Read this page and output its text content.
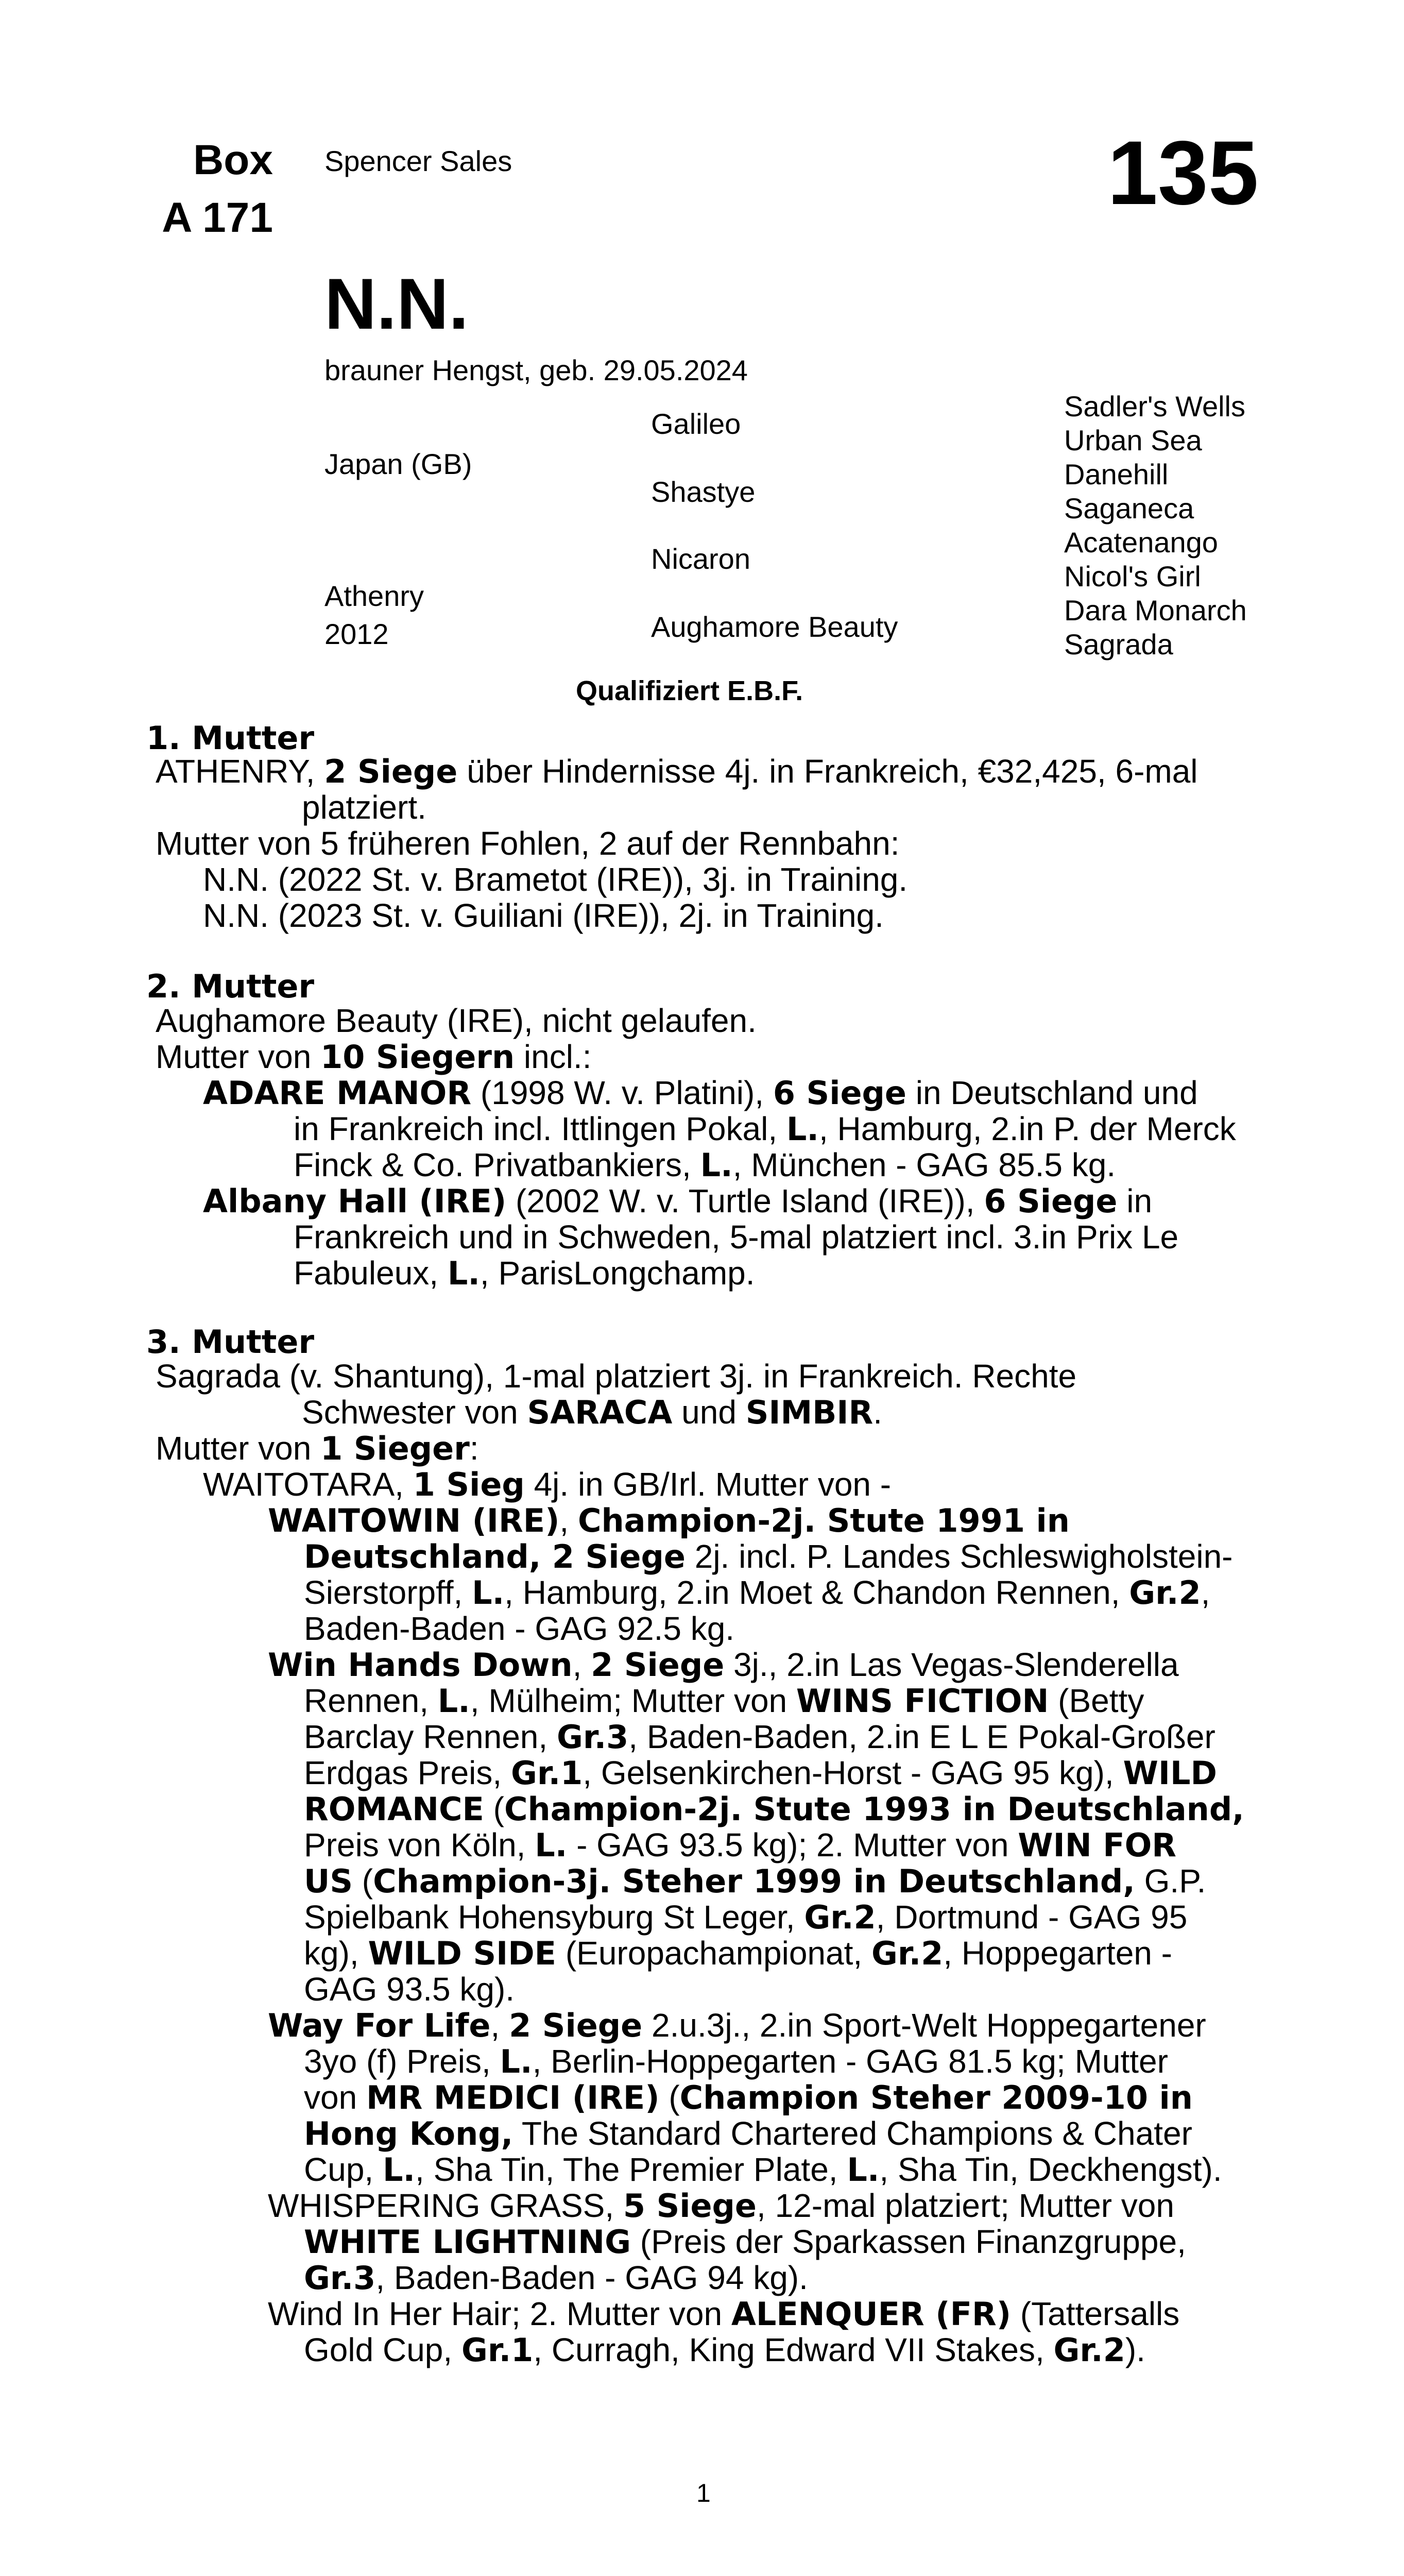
Box
A 171
Spencer Sales	135
N.N.
brauner Hengst, geb. 29.05.2024
Japan (GB)
Athenry
2012
Galileo
Shastye
Nicaron
Aughamore Beauty
Sadler's Wells
Urban Sea
Danehill
Saganeca
Acatenango
Nicol's Girl
Dara Monarch
Sagrada
Qualifiziert E.B.F.
1. Mutter
ATHENRY, 2 Siege über Hindernisse 4j. in Frankreich, €32,425, 6-mal
platziert.
Mutter von 5 früheren Fohlen, 2 auf der Rennbahn:
N.N. (2022 St. v. Brametot (IRE)), 3j. in Training.
N.N. (2023 St. v. Guiliani (IRE)), 2j. in Training.
2. Mutter
Aughamore Beauty (IRE), nicht gelaufen.
Mutter von 10 Siegern incl.:
ADARE MANOR (1998 W. v. Platini), 6 Siege in Deutschland und
in Frankreich incl. Ittlingen Pokal, L., Hamburg, 2.in P. der Merck
Finck & Co. Privatbankiers, L., München - GAG 85.5 kg.
Albany Hall (IRE) (2002 W. v. Turtle Island (IRE)), 6 Siege in
Frankreich und in Schweden, 5-mal platziert incl. 3.in Prix Le
Fabuleux, L., ParisLongchamp.
3. Mutter
Sagrada (v. Shantung), 1-mal platziert 3j. in Frankreich. Rechte
Schwester von SARACA und SIMBIR.
Mutter von 1 Sieger:
WAITOTARA, 1 Sieg 4j. in GB/Irl. Mutter von -
WAITOWIN (IRE), Champion-2j. Stute 1991 in
Deutschland, 2 Siege 2j. incl. P. Landes Schleswigholstein-
Sierstorpff, L., Hamburg, 2.in Moet & Chandon Rennen, Gr.2,
Baden-Baden - GAG 92.5 kg.
Win Hands Down, 2 Siege 3j., 2.in Las Vegas-Slenderella
Rennen, L., Mülheim; Mutter von WINS FICTION (Betty
Barclay Rennen, Gr.3, Baden-Baden, 2.in E L E Pokal-Großer
Erdgas Preis, Gr.1, Gelsenkirchen-Horst - GAG 95 kg), WILD
ROMANCE (Champion-2j. Stute 1993 in Deutschland,
Preis von Köln, L. - GAG 93.5 kg); 2. Mutter von WIN FOR
US (Champion-3j. Steher 1999 in Deutschland, G.P.
Spielbank Hohensyburg St Leger, Gr.2, Dortmund - GAG 95
kg), WILD SIDE (Europachampionat, Gr.2, Hoppegarten -
GAG 93.5 kg).
Way For Life, 2 Siege 2.u.3j., 2.in Sport-Welt Hoppegartener
3yo (f) Preis, L., Berlin-Hoppegarten - GAG 81.5 kg; Mutter
von MR MEDICI (IRE) (Champion Steher 2009-10 in
Hong Kong, The Standard Chartered Champions & Chater
Cup, L., Sha Tin, The Premier Plate, L., Sha Tin, Deckhengst).
WHISPERING GRASS, 5 Siege, 12-mal platziert; Mutter von
WHITE LIGHTNING (Preis der Sparkassen Finanzgruppe,
Gr.3, Baden-Baden - GAG 94 kg).
Wind In Her Hair; 2. Mutter von ALENQUER (FR) (Tattersalls
Gold Cup, Gr.1, Curragh, King Edward VII Stakes, Gr.2).
1
